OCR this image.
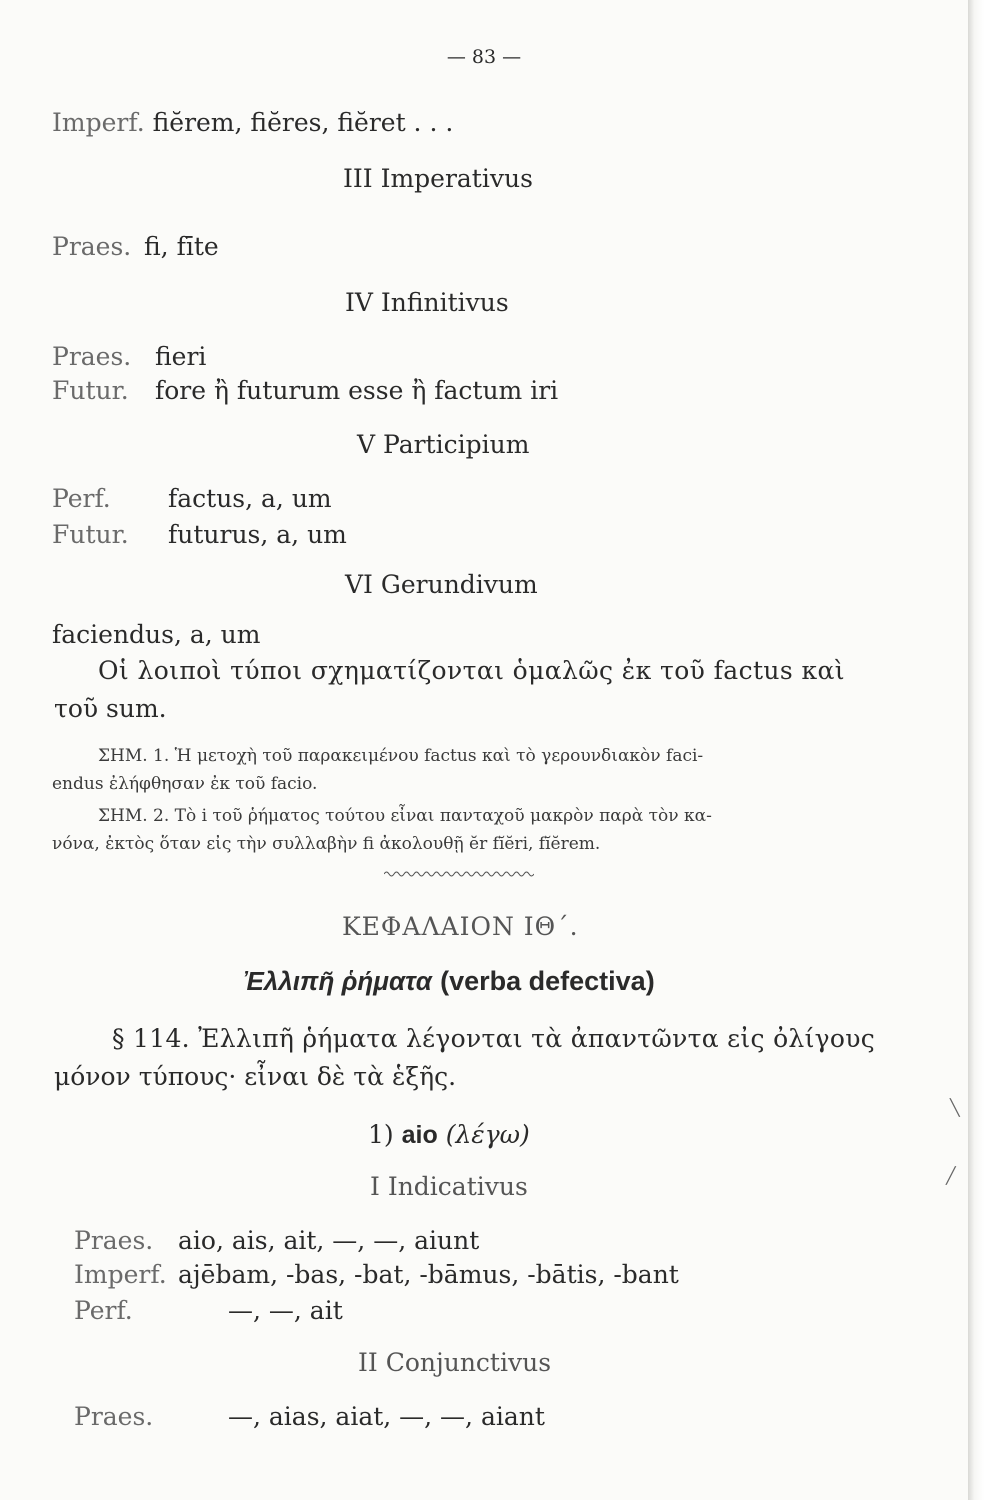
— 83 —
Imperf. fiĕrem, fiĕres, fiĕret . . .
III Imperativus
Praes. fi, fīte
IV Infinitivus
Praes. fieri
Futur. fore ἢ futurum esse ἢ factum iri
V Participium
Perf. factus, a, um
Futur. futurus, a, um
VI Gerundivum
faciendus, a, um
Οἱ λοιποὶ τύποι σχηματίζονται ὁμαλῶς ἐκ τοῦ factus καὶ
τοῦ sum.
ΣΗΜ. 1. Ἡ μετοχὴ τοῦ παρακειμένου factus καὶ τὸ γερουνδιακὸν faci-
endus ἐλήφθησαν ἐκ τοῦ facio.
ΣΗΜ. 2. Τὸ i τοῦ ῥήματος τούτου εἶναι πανταχοῦ μακρὸν παρὰ τὸν κα-
νόνα, ἐκτὸς ὅταν εἰς τὴν συλλαβὴν fi ἀκολουθῇ ĕr fĭĕri, fĭĕrem.
ΚΕΦΑΛΑΙΟΝ ΙΘ΄.
Ἐλλιπῆ ῥήματα (verba defectiva)
§ 114. Ἐλλιπῆ ῥήματα λέγονται τὰ ἀπαντῶντα εἰς ὀλίγους
μόνον τύπους· εἶναι δὲ τὰ ἑξῆς.
1) aio (λέγω)
I Indicativus
Praes. aio, ais, ait, —, —, aiunt
Imperf. ajēbam, -bas, -bat, -bāmus, -bātis, -bant
Perf.	—, —, ait
II Conjunctivus
Praes.	—, aias, aiat, —, —, aiant
╲
╱
